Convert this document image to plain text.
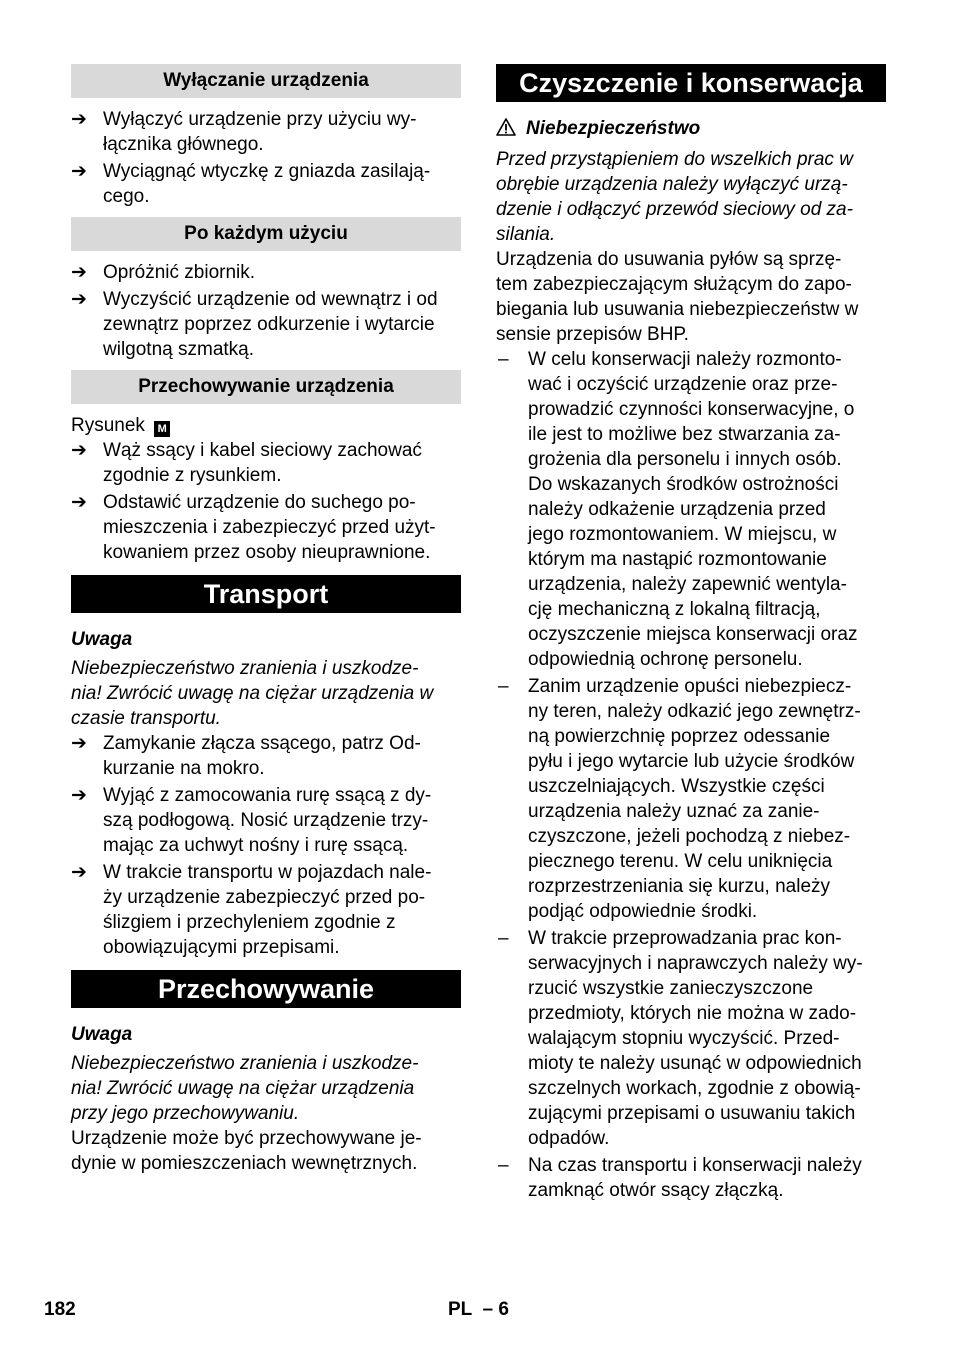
Wyłączanie urządzenia
➔ Wyłączyć urządzenie przy użyciu wy-
łącznika głównego.
➔ Wyciągnąć wtyczkę z gniazda zasilają-
cego.
Po każdym użyciu
➔ Opróżnić zbiornik.
➔ Wyczyścić urządzenie od wewnątrz i od
zewnątrz poprzez odkurzenie i wytarcie
wilgotną szmatką.
Przechowywanie urządzenia
Rysunek M
➔ Wąż ssący i kabel sieciowy zachować
zgodnie z rysunkiem.
➔ Odstawić urządzenie do suchego po-
mieszczenia i zabezpieczyć przed użyt-
kowaniem przez osoby nieuprawnione.
Transport
Uwaga
Niebezpieczeństwo zranienia i uszkodze-
nia! Zwrócić uwagę na ciężar urządzenia w
czasie transportu.
➔ Zamykanie złącza ssącego, patrz Od-
kurzanie na mokro.
➔ Wyjąć z zamocowania rurę ssącą z dy-
szą podłogową. Nosić urządzenie trzy-
mając za uchwyt nośny i rurę ssącą.
➔ W trakcie transportu w pojazdach nale-
ży urządzenie zabezpieczyć przed po-
ślizgiem i przechyleniem zgodnie z
obowiązującymi przepisami.
Przechowywanie
Uwaga
Niebezpieczeństwo zranienia i uszkodze-
nia! Zwrócić uwagę na ciężar urządzenia
przy jego przechowywaniu.
Urządzenie może być przechowywane je-
dynie w pomieszczeniach wewnętrznych.
Czyszczenie i konserwacja
Niebezpieczeństwo
Przed przystąpieniem do wszelkich prac w
obrębie urządzenia należy wyłączyć urzą-
dzenie i odłączyć przewód sieciowy od za-
silania.
Urządzenia do usuwania pyłów są sprzę-
tem zabezpieczającym służącym do zapo-
biegania lub usuwania niebezpieczeństw w
sensie przepisów BHP.
– W celu konserwacji należy rozmonto-
wać i oczyścić urządzenie oraz prze-
prowadzić czynności konserwacyjne, o
ile jest to możliwe bez stwarzania za-
grożenia dla personelu i innych osób.
Do wskazanych środków ostrożności
należy odkażenie urządzenia przed
jego rozmontowaniem. W miejscu, w
którym ma nastąpić rozmontowanie
urządzenia, należy zapewnić wentyla-
cję mechaniczną z lokalną filtracją,
oczyszczenie miejsca konserwacji oraz
odpowiednią ochronę personelu.
– Zanim urządzenie opuści niebezpiecz-
ny teren, należy odkazić jego zewnętrz-
ną powierzchnię poprzez odessanie
pyłu i jego wytarcie lub użycie środków
uszczelniających. Wszystkie części
urządzenia należy uznać za zanie-
czyszczone, jeżeli pochodzą z niebez-
piecznego terenu. W celu uniknięcia
rozprzestrzeniania się kurzu, należy
podjąć odpowiednie środki.
– W trakcie przeprowadzania prac kon-
serwacyjnych i naprawczych należy wy-
rzucić wszystkie zanieczyszczone
przedmioty, których nie można w zado-
walającym stopniu wyczyścić. Przed-
mioty te należy usunąć w odpowiednich
szczelnych workach, zgodnie z obowią-
zującymi przepisami o usuwaniu takich
odpadów.
– Na czas transportu i konserwacji należy
zamknąć otwór ssący złączką.
182	PL  – 6
